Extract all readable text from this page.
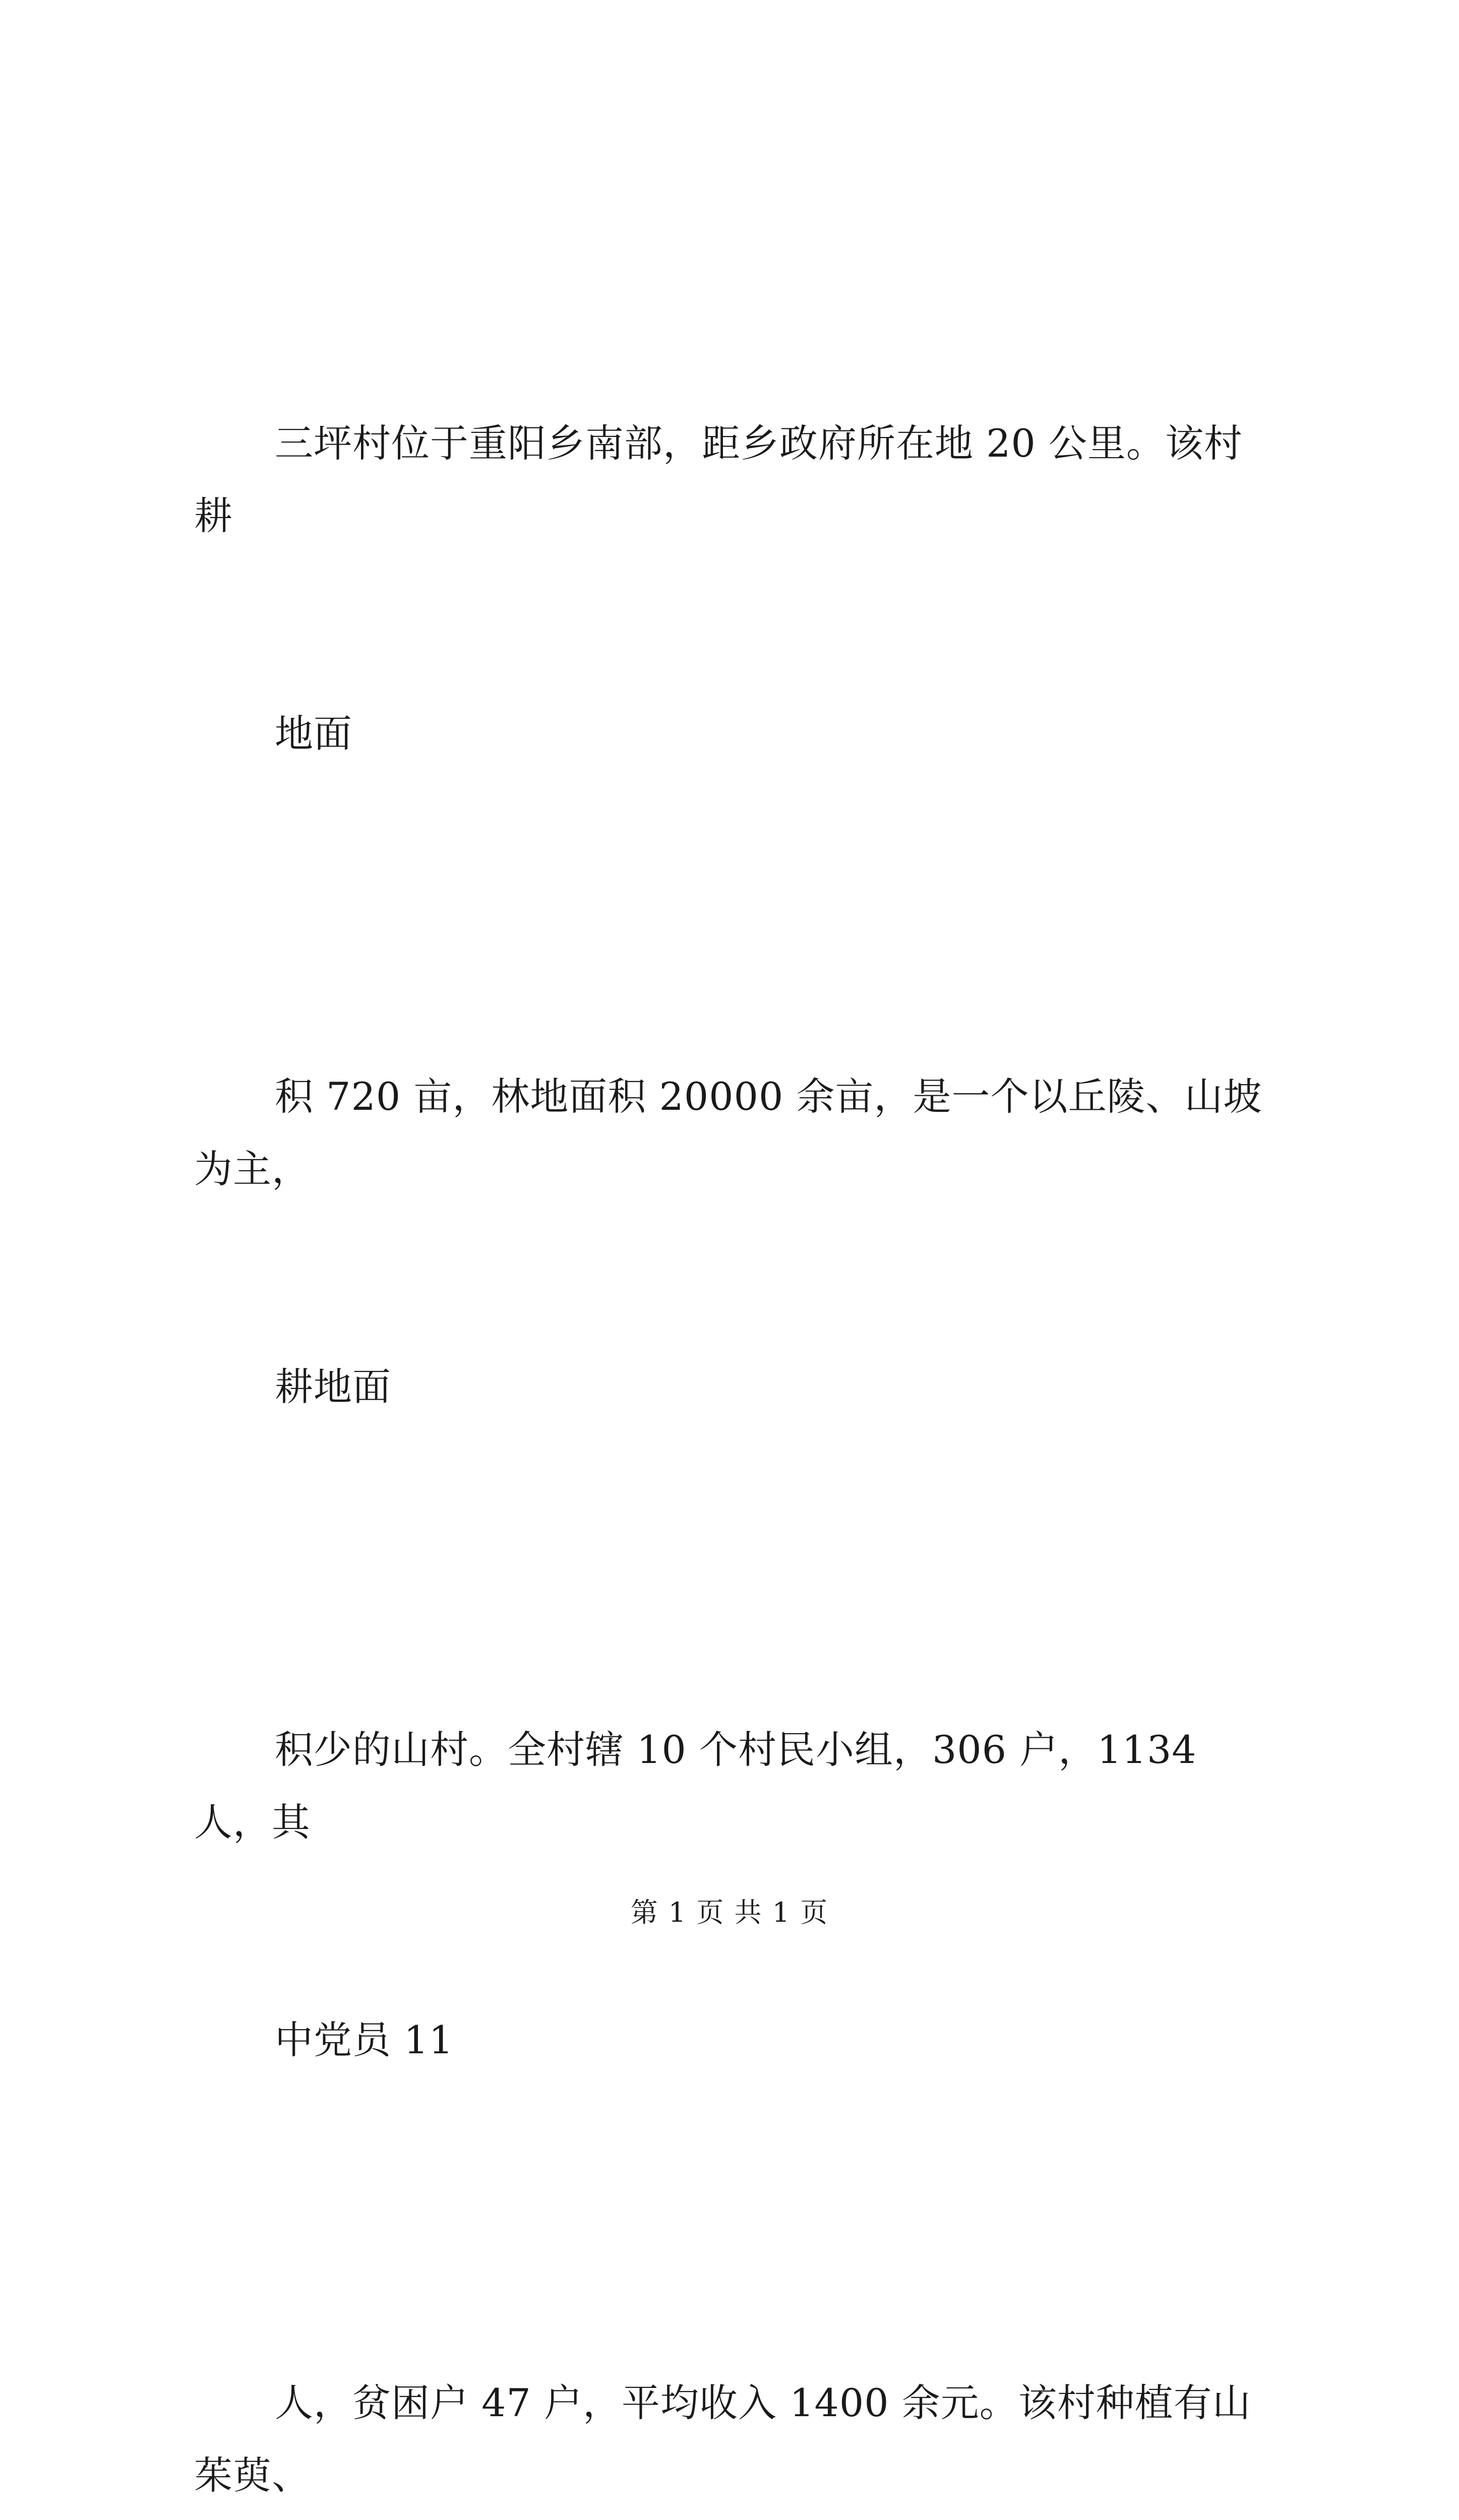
三坪村位于重阳乡南部，距乡政府所在地 20 公里。该村耕

地面

积 720 亩，林地面积 20000 余亩，是一个以丘陵、山坡为主，

耕地面

积少的山村。全村辖 10 个村民小组，306 户，1134 人，其

中党员 11

人，贫困户 47 户，平均收入 1400 余元。该村种植有山茱萸、

第 1 页 共 1 页
